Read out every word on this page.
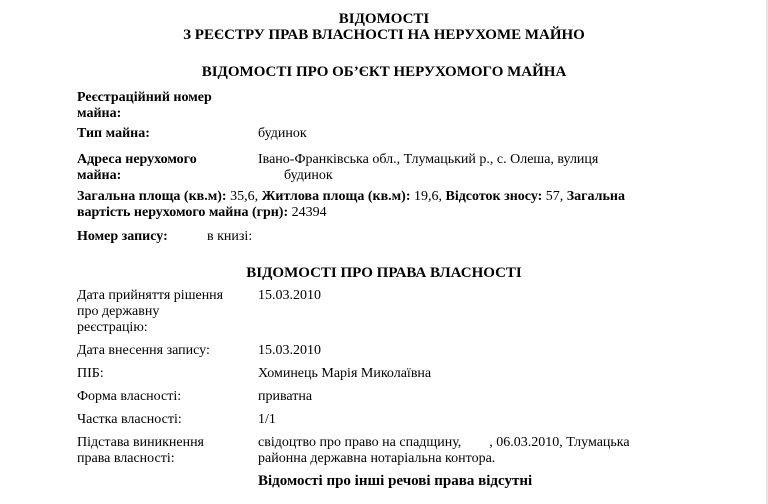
ВІДОМОСТІ
З РЕЄСТРУ ПРАВ ВЛАСНОСТІ НА НЕРУХОМЕ МАЙНО
ВІДОМОСТІ ПРО ОБ’ЄКТ НЕРУХОМОГО МАЙНА
Реєстраційний номер майна:
Тип майна:	будинок
Адреса нерухомого майна:
Івано-Франківська обл., Тлумацький р., с. Олеша, вулиця
будинок
Загальна площа (кв.м): 35,6, Житлова площа (кв.м): 19,6, Відсоток зносу: 57, Загальна
вартість нерухомого майна (грн): 24394
Номер запису:	в книзі:
ВІДОМОСТІ ПРО ПРАВА ВЛАСНОСТІ
Дата прийняття рішення
про державну
реєстрацію:
15.03.2010
Дата внесення запису:	15.03.2010
ПІБ:	Хоминець Марія Миколаївна
Форма власності:	приватна
Частка власності:	1/1
Підстава виникнення
права власності:
свідоцтво про право на спадщину,        , 06.03.2010, Тлумацька
районна державна нотаріальна контора.
Відомості про інші речові права відсутні
